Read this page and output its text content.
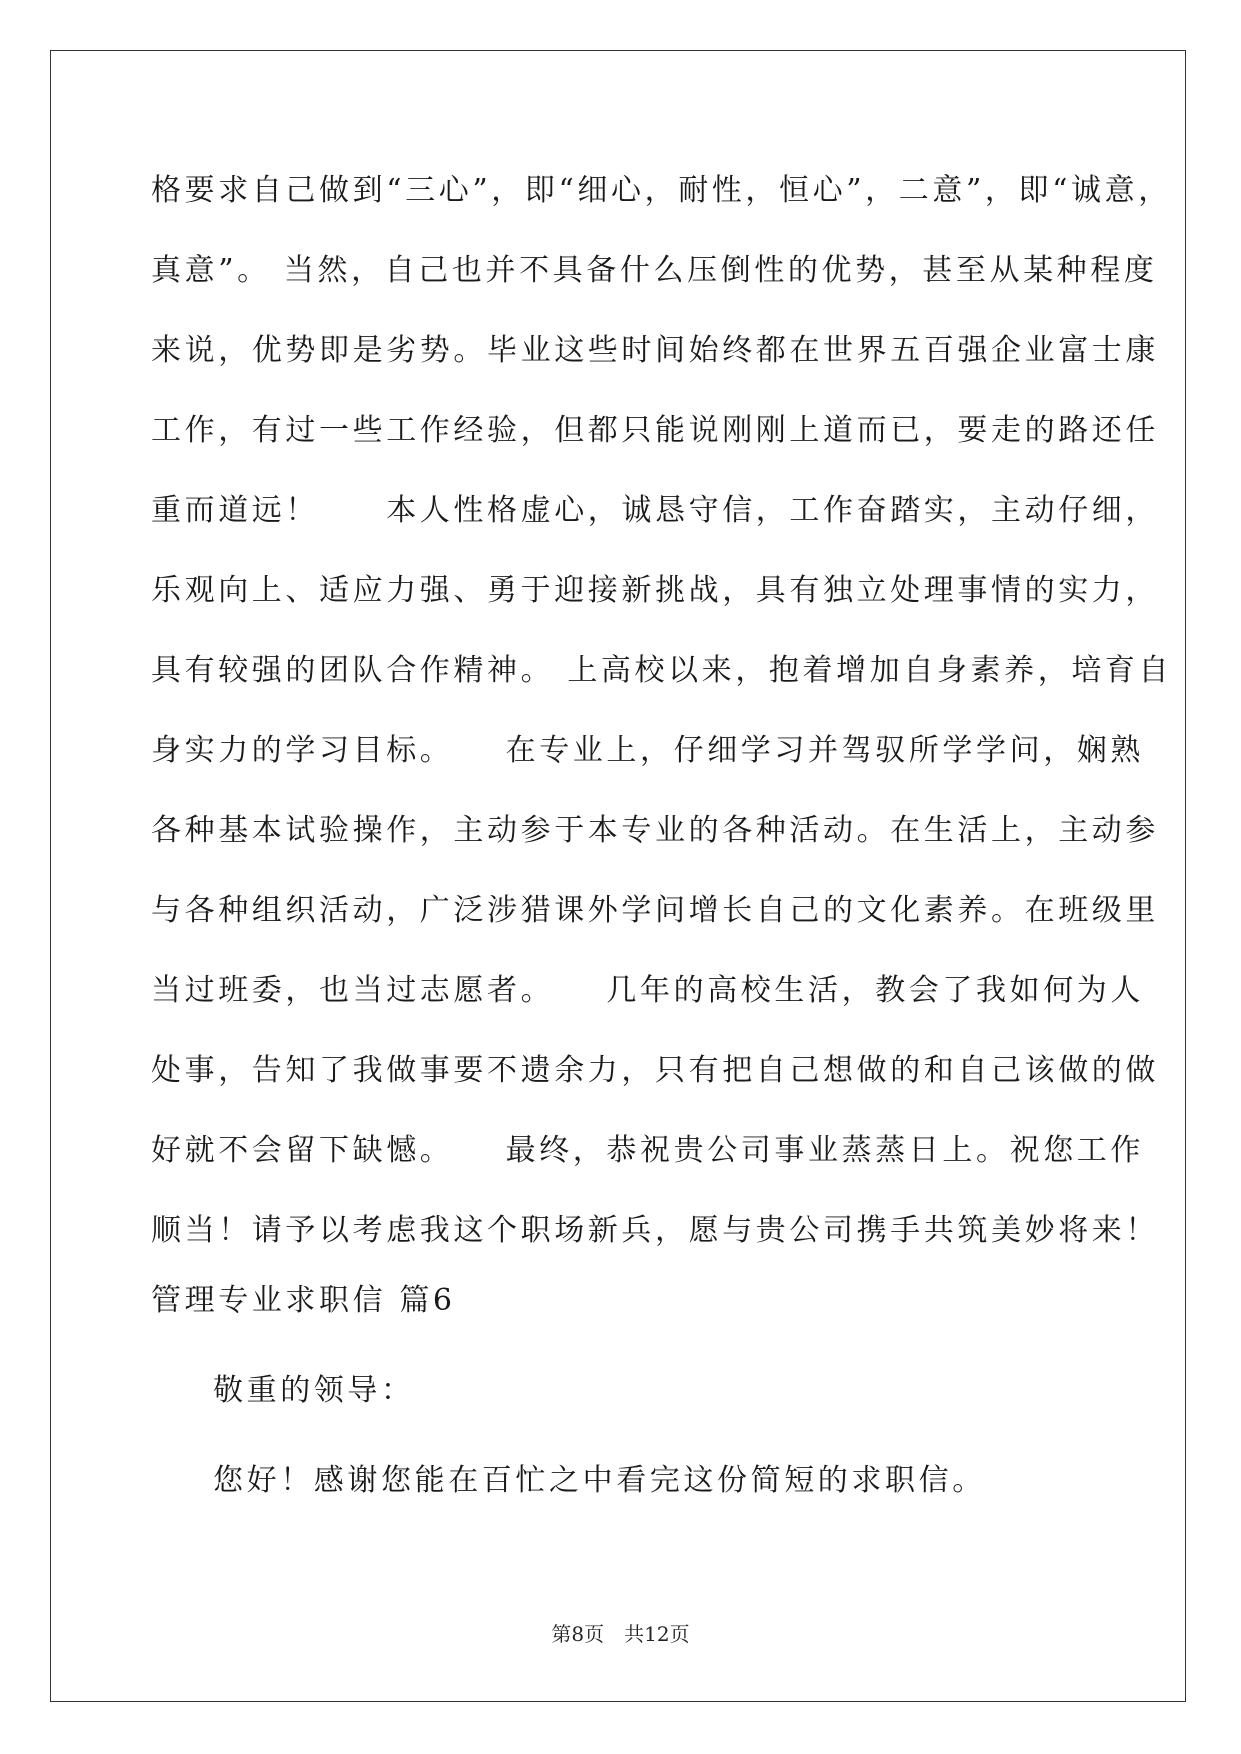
格要求自己做到“三心”，即“细心，耐性，恒心”，二意”，即“诚意，
真意”。 当然，自己也并不具备什么压倒性的优势，甚至从某种程度
来说，优势即是劣势。毕业这些时间始终都在世界五百强企业富士康
工作，有过一些工作经验，但都只能说刚刚上道而已，要走的路还任
重而道远！　　本人性格虚心，诚恳守信，工作奋踏实，主动仔细，
乐观向上、适应力强、勇于迎接新挑战，具有独立处理事情的实力，
具有较强的团队合作精神。 上高校以来，抱着增加自身素养，培育自
身实力的学习目标。　　在专业上，仔细学习并驾驭所学学问，娴熟
各种基本试验操作，主动参于本专业的各种活动。在生活上，主动参
与各种组织活动，广泛涉猎课外学问增长自己的文化素养。在班级里
当过班委，也当过志愿者。　　几年的高校生活，教会了我如何为人
处事，告知了我做事要不遗余力，只有把自己想做的和自己该做的做
好就不会留下缺憾。　　最终，恭祝贵公司事业蒸蒸日上。祝您工作
顺当！请予以考虑我这个职场新兵，愿与贵公司携手共筑美妙将来！
管理专业求职信 篇6
敬重的领导：
您好！感谢您能在百忙之中看完这份简短的求职信。
第8页　共12页
